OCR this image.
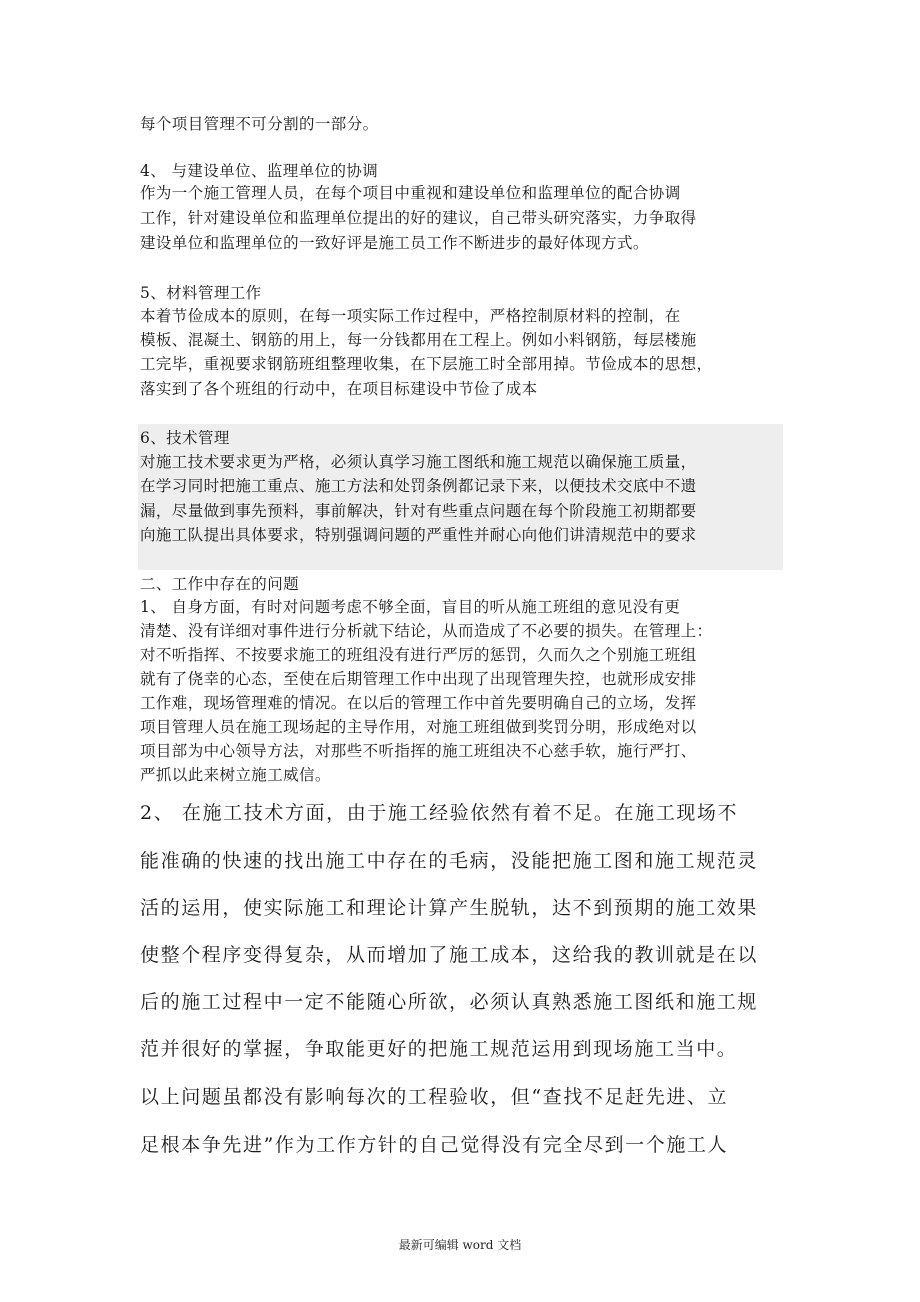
每个项目管理不可分割的一部分。
4、 与建设单位、监理单位的协调
作为一个施工管理人员，在每个项目中重视和建设单位和监理单位的配合协调
工作，针对建设单位和监理单位提出的好的建议，自己带头研究落实，力争取得
建设单位和监理单位的一致好评是施工员工作不断进步的最好体现方式。
5、材料管理工作
本着节俭成本的原则，在每一项实际工作过程中，严格控制原材料的控制，在
模板、混凝土、钢筋的用上，每一分钱都用在工程上。例如小料钢筋，每层楼施
工完毕，重视要求钢筋班组整理收集，在下层施工时全部用掉。节俭成本的思想，
落实到了各个班组的行动中，在项目标建设中节俭了成本
6、技术管理
对施工技术要求更为严格，必须认真学习施工图纸和施工规范以确保施工质量，
在学习同时把施工重点、施工方法和处罚条例都记录下来，以便技术交底中不遗
漏，尽量做到事先预料，事前解决，针对有些重点问题在每个阶段施工初期都要
向施工队提出具体要求，特别强调问题的严重性并耐心向他们讲清规范中的要求
二、工作中存在的问题
1、 自身方面，有时对问题考虑不够全面，盲目的听从施工班组的意见没有更
清楚、没有详细对事件进行分析就下结论，从而造成了不必要的损失。在管理上：
对不听指挥、不按要求施工的班组没有进行严厉的惩罚，久而久之个别施工班组
就有了侥幸的心态，至使在后期管理工作中出现了出现管理失控，也就形成安排
工作难，现场管理难的情况。在以后的管理工作中首先要明确自己的立场，发挥
项目管理人员在施工现场起的主导作用，对施工班组做到奖罚分明，形成绝对以
项目部为中心领导方法，对那些不听指挥的施工班组决不心慈手软，施行严打、
严抓以此来树立施工威信。
2、 在施工技术方面，由于施工经验依然有着不足。在施工现场不
能准确的快速的找出施工中存在的毛病，没能把施工图和施工规范灵
活的运用，使实际施工和理论计算产生脱轨，达不到预期的施工效果
使整个程序变得复杂，从而增加了施工成本，这给我的教训就是在以
后的施工过程中一定不能随心所欲，必须认真熟悉施工图纸和施工规
范并很好的掌握，争取能更好的把施工规范运用到现场施工当中。
以上问题虽都没有影响每次的工程验收，但“查找不足赶先进、立
足根本争先进”作为工作方针的自己觉得没有完全尽到一个施工人
最新可编辑 word 文档
